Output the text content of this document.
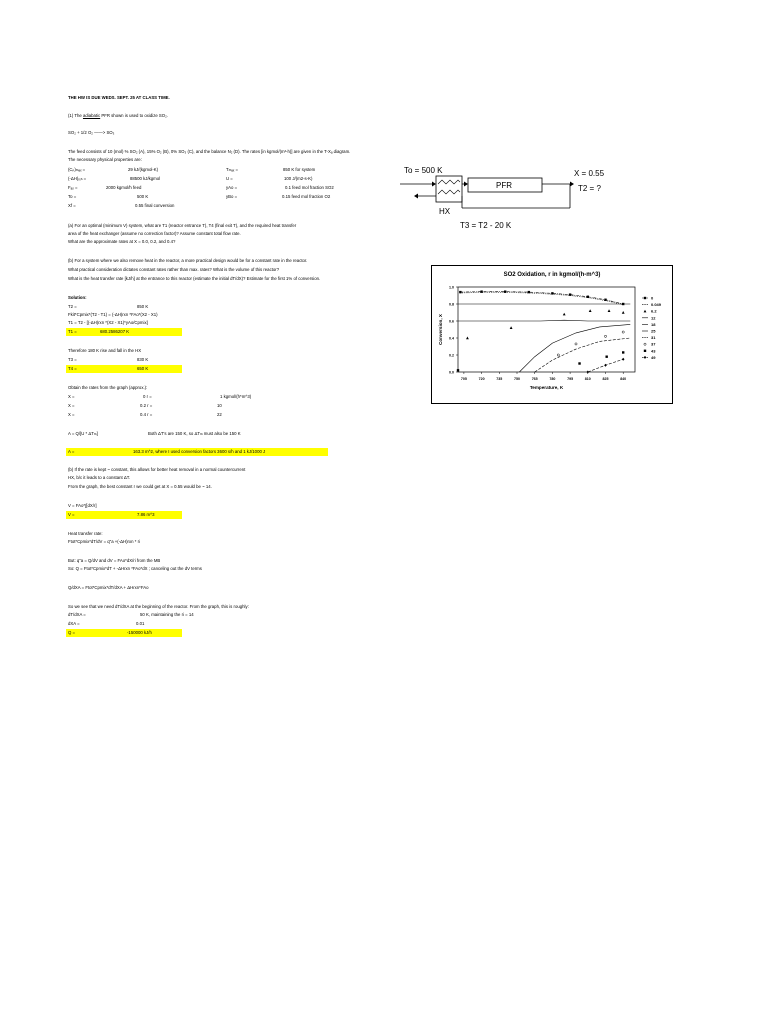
THE HW IS DUE WEDS. SEPT. 25 AT CLASS TIME.
(1) The adiabatic PFR shown is used to oxidize SO₂.
SO₂ + 1/2 O₂ ——> SO₃
The feed consists of 10 (mol) % SO₂ (A), 15% O₂ (B), 0% SO₃ (C), and the balance N₂ (D). The rates [in kgmol/(m³-h)] are given in the T-Xₐ diagram.
The necessary physical properties are:
(Cₚ)ₘₐₓ =	29 kJ/(kgmol-K)	Tₘₐₓ =	850 K for system
(-ΔH)ᵣₓₙ =	88500 kJ/kgmol	U =	100 J/(m2-s-K)
Fₐₒ =	2000 kgmol/h feed	yAo =	0.1 feed mol fraction SO2
To =	500 K	yBo =	0.15 feed mol fraction O2
Xf =	0.55 final conversion
(a) For an optimal (minimum V) system, what are T1 (reactor entrance T), T4 (final exit T), and the required heat transfer
area of the heat exchanger (assume no correction factor)? Assume constant total flow rate.
What are the approximate rates at X = 0.0, 0.2, and 0.4?
(b) For a system where we also remove heat in the reactor, a more practical design would be for a constant rate in the reactor.
What practical consideration dictates constant rates rather than max. rates? What is the volume of this reactor?
What is the heat transfer rate [kJ/h] at the entrance to this reactor (estimate the initial dT/dX)? Estimate for the first 1% of conversion.
Solution:
T2 =	850 K
Fkit*Cpmix*(T2 - T1) = (-ΔH)rxn *FAo*(X2 - X1)
T1 = T2 - [(-ΔH)rxn *(X2 - X1)*yAo/Cpmix]
T1 =	680.2586207 K
Therefore 180 K rise and fall in the HX
T3 =	830 K
T4 =	650 K
Obtain the rates from the graph (approx.):
X =	0 r =	1 kgmol/(h*m^3)
X =	0.2 r =	10
X =	0.4 r =	22
A = Q/[U * ΔTₘ]	Both ΔT's are 150 K, so ΔTₘ must also be 150 K
A =	163.3 m^2, where I used conversion factors 3600 s/h and 1 kJ/1000 J
(b) If the rate is kept ~ constant, this allows for better heat removal in a normal countercurrent
HX, b/c it leads to a constant ΔT.
From the graph, the best constant r we could get at X = 0.55 would be ~ 14.
V = FAo*∫[dX/r]
V =	7.86 m^3
Heat transfer rate:
Ftot*Cpmix*dT/dV = q"a +(-ΔH)rxn * ri
But: q"a = Q/dV and dV = FAo*dX/ri from the MB
So: Q = Ftot*Cpmix*dT + -ΔHrxn *FAo*dX ; canceling out the dV terms
Q/dXA = Ftot*Cpmix*dT/dXA + ΔHrxn*FAo
So we see that we need dT/dXA at the beginning of the reactor. From the graph, this is roughly:
dT/dXA =	50 K, maintaining the ri = 14
dXA =	0.01
Q =	-150000 kJ/h
To = 500 K
PFR
X = 0.55
T2 = ?
HX
T3 = T2 - 20 K
SO2 Oxidation, r in kgmol/(h-m^3)
0.0
0.2
0.4
0.6
0.8
1.0
705	720	735	750	765	780	795	810	825	840
Temperature, K
Conversion, X
0
0.049
6.2
12
18
25
31
37
43
49
